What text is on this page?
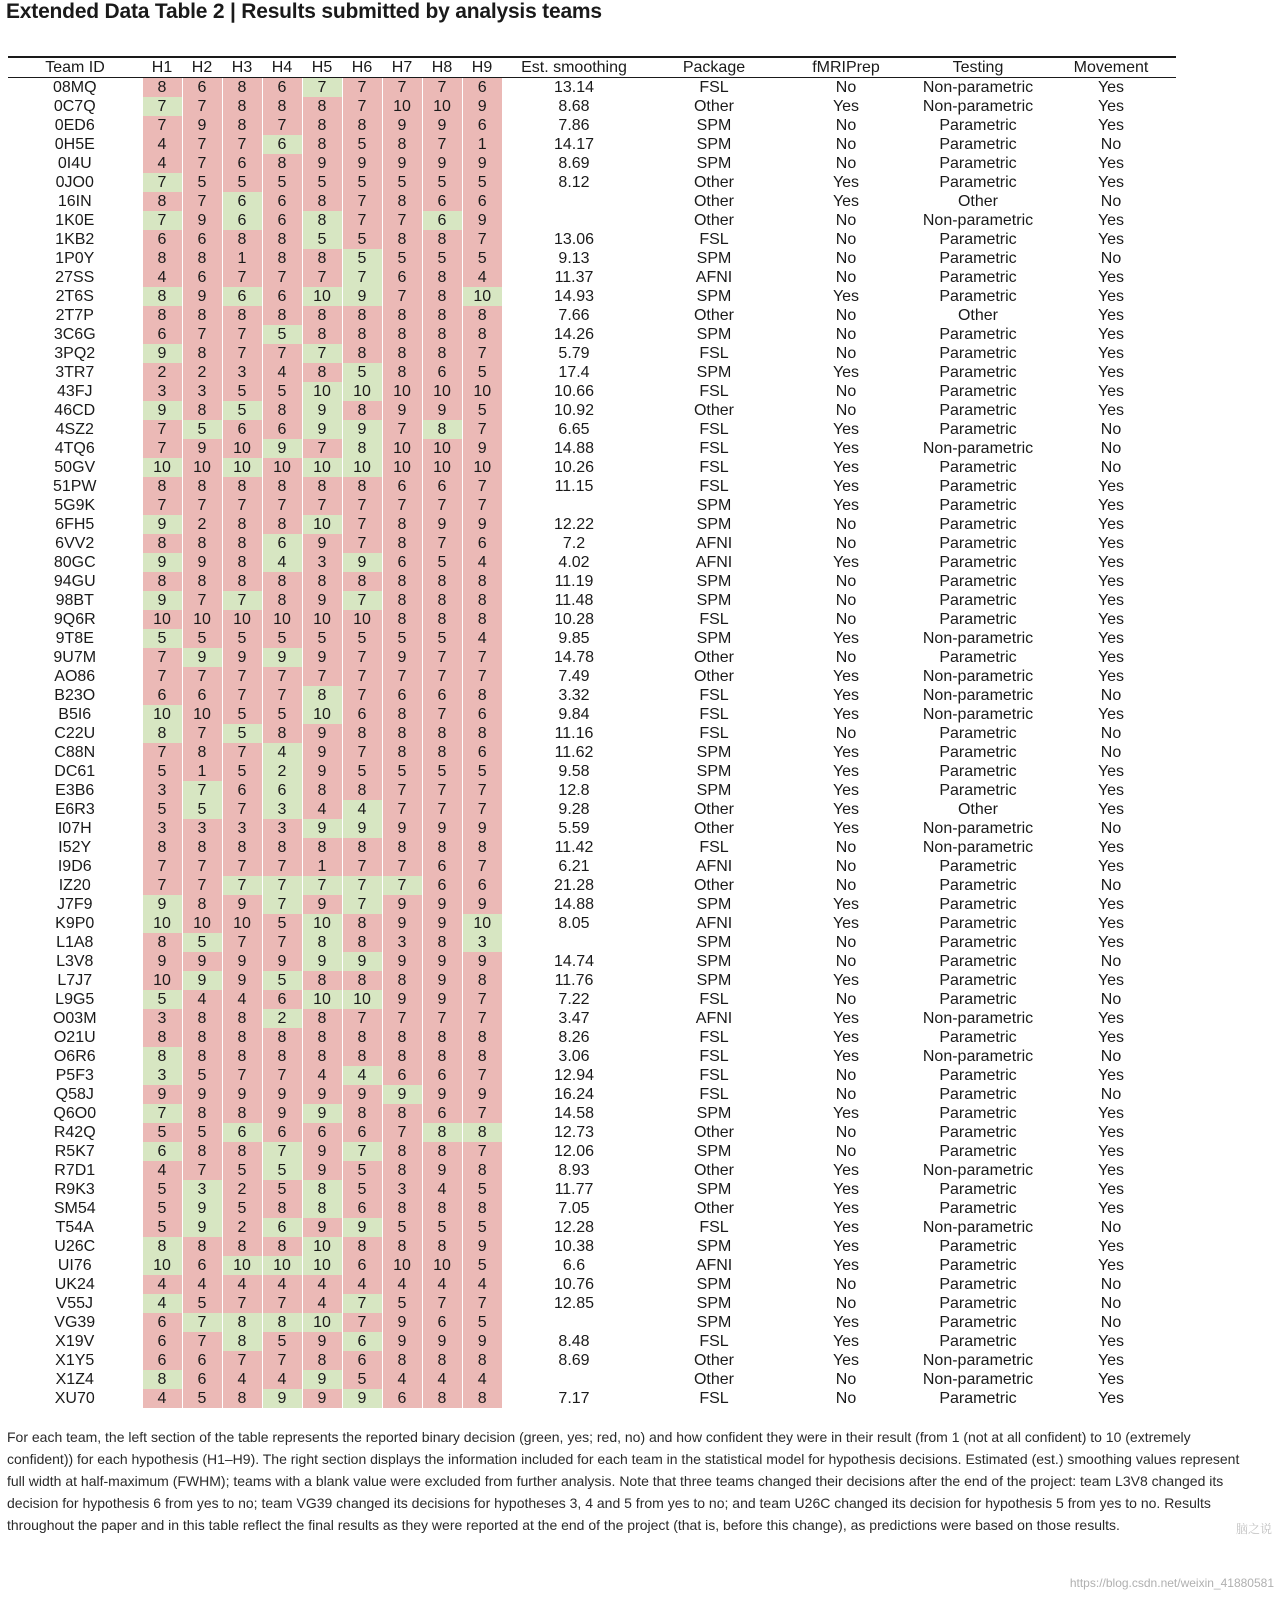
Extended Data Table 2 | Results submitted by analysis teams
Team ID	H1	H2	H3	H4	H5	H6	H7	H8	H9	Est. smoothing	Package	fMRIPrep	Testing	Movement
08MQ	8	6	8	6	7	7	7	7	6	13.14	FSL	No	Non-parametric	Yes
0C7Q	7	7	8	8	8	7	10	10	9	8.68	Other	Yes	Non-parametric	Yes
0ED6	7	9	8	7	8	8	9	9	6	7.86	SPM	No	Parametric	Yes
0H5E	4	7	7	6	8	5	8	7	1	14.17	SPM	No	Parametric	No
0I4U	4	7	6	8	9	9	9	9	9	8.69	SPM	No	Parametric	Yes
0JO0	7	5	5	5	5	5	5	5	5	8.12	Other	Yes	Parametric	Yes
16IN	8	7	6	6	8	7	8	6	6		Other	Yes	Other	No
1K0E	7	9	6	6	8	7	7	6	9		Other	No	Non-parametric	Yes
1KB2	6	6	8	8	5	5	8	8	7	13.06	FSL	No	Parametric	Yes
1P0Y	8	8	1	8	8	5	5	5	5	9.13	SPM	No	Parametric	No
27SS	4	6	7	7	7	7	6	8	4	11.37	AFNI	No	Parametric	Yes
2T6S	8	9	6	6	10	9	7	8	10	14.93	SPM	Yes	Parametric	Yes
2T7P	8	8	8	8	8	8	8	8	8	7.66	Other	No	Other	Yes
3C6G	6	7	7	5	8	8	8	8	8	14.26	SPM	No	Parametric	Yes
3PQ2	9	8	7	7	7	8	8	8	7	5.79	FSL	No	Parametric	Yes
3TR7	2	2	3	4	8	5	8	6	5	17.4	SPM	Yes	Parametric	Yes
43FJ	3	3	5	5	10	10	10	10	10	10.66	FSL	No	Parametric	Yes
46CD	9	8	5	8	9	8	9	9	5	10.92	Other	No	Parametric	Yes
4SZ2	7	5	6	6	9	9	7	8	7	6.65	FSL	Yes	Parametric	No
4TQ6	7	9	10	9	7	8	10	10	9	14.88	FSL	Yes	Non-parametric	No
50GV	10	10	10	10	10	10	10	10	10	10.26	FSL	Yes	Parametric	No
51PW	8	8	8	8	8	8	6	6	7	11.15	FSL	Yes	Parametric	Yes
5G9K	7	7	7	7	7	7	7	7	7		SPM	Yes	Parametric	Yes
6FH5	9	2	8	8	10	7	8	9	9	12.22	SPM	No	Parametric	Yes
6VV2	8	8	8	6	9	7	8	7	6	7.2	AFNI	No	Parametric	Yes
80GC	9	9	8	4	3	9	6	5	4	4.02	AFNI	Yes	Parametric	Yes
94GU	8	8	8	8	8	8	8	8	8	11.19	SPM	No	Parametric	Yes
98BT	9	7	7	8	9	7	8	8	8	11.48	SPM	No	Parametric	Yes
9Q6R	10	10	10	10	10	10	8	8	8	10.28	FSL	No	Parametric	Yes
9T8E	5	5	5	5	5	5	5	5	4	9.85	SPM	Yes	Non-parametric	Yes
9U7M	7	9	9	9	9	7	9	7	7	14.78	Other	No	Parametric	Yes
AO86	7	7	7	7	7	7	7	7	7	7.49	Other	Yes	Non-parametric	Yes
B23O	6	6	7	7	8	7	6	6	8	3.32	FSL	Yes	Non-parametric	No
B5I6	10	10	5	5	10	6	8	7	6	9.84	FSL	Yes	Non-parametric	Yes
C22U	8	7	5	8	9	8	8	8	8	11.16	FSL	No	Parametric	No
C88N	7	8	7	4	9	7	8	8	6	11.62	SPM	Yes	Parametric	No
DC61	5	1	5	2	9	5	5	5	5	9.58	SPM	Yes	Parametric	Yes
E3B6	3	7	6	6	8	8	7	7	7	12.8	SPM	Yes	Parametric	Yes
E6R3	5	5	7	3	4	4	7	7	7	9.28	Other	Yes	Other	Yes
I07H	3	3	3	3	9	9	9	9	9	5.59	Other	Yes	Non-parametric	No
I52Y	8	8	8	8	8	8	8	8	8	11.42	FSL	No	Non-parametric	Yes
I9D6	7	7	7	7	1	7	7	6	7	6.21	AFNI	No	Parametric	Yes
IZ20	7	7	7	7	7	7	7	6	6	21.28	Other	No	Parametric	No
J7F9	9	8	9	7	9	7	9	9	9	14.88	SPM	Yes	Parametric	Yes
K9P0	10	10	10	5	10	8	9	9	10	8.05	AFNI	Yes	Parametric	Yes
L1A8	8	5	7	7	8	8	3	8	3		SPM	No	Parametric	Yes
L3V8	9	9	9	9	9	9	9	9	9	14.74	SPM	No	Parametric	No
L7J7	10	9	9	5	8	8	8	9	8	11.76	SPM	Yes	Parametric	Yes
L9G5	5	4	4	6	10	10	9	9	7	7.22	FSL	No	Parametric	No
O03M	3	8	8	2	8	7	7	7	7	3.47	AFNI	Yes	Non-parametric	Yes
O21U	8	8	8	8	8	8	8	8	8	8.26	FSL	Yes	Parametric	Yes
O6R6	8	8	8	8	8	8	8	8	8	3.06	FSL	Yes	Non-parametric	No
P5F3	3	5	7	7	4	4	6	6	7	12.94	FSL	No	Parametric	Yes
Q58J	9	9	9	9	9	9	9	9	9	16.24	FSL	No	Parametric	No
Q6O0	7	8	8	9	9	8	8	6	7	14.58	SPM	Yes	Parametric	Yes
R42Q	5	5	6	6	6	6	7	8	8	12.73	Other	No	Parametric	Yes
R5K7	6	8	8	7	9	7	8	8	7	12.06	SPM	No	Parametric	Yes
R7D1	4	7	5	5	9	5	8	9	8	8.93	Other	Yes	Non-parametric	Yes
R9K3	5	3	2	5	8	5	3	4	5	11.77	SPM	Yes	Parametric	Yes
SM54	5	9	5	8	8	6	8	8	8	7.05	Other	Yes	Parametric	Yes
T54A	5	9	2	6	9	9	5	5	5	12.28	FSL	Yes	Non-parametric	No
U26C	8	8	8	8	10	8	8	8	9	10.38	SPM	Yes	Parametric	Yes
UI76	10	6	10	10	10	6	10	10	5	6.6	AFNI	Yes	Parametric	Yes
UK24	4	4	4	4	4	4	4	4	4	10.76	SPM	No	Parametric	No
V55J	4	5	7	7	4	7	5	7	7	12.85	SPM	No	Parametric	No
VG39	6	7	8	8	10	7	9	6	5		SPM	Yes	Parametric	No
X19V	6	7	8	5	9	6	9	9	9	8.48	FSL	Yes	Parametric	Yes
X1Y5	6	6	7	7	8	6	8	8	8	8.69	Other	Yes	Non-parametric	Yes
X1Z4	8	6	4	4	9	5	4	4	4		Other	No	Non-parametric	Yes
XU70	4	5	8	9	9	9	6	8	8	7.17	FSL	No	Parametric	Yes
For each team, the left section of the table represents the reported binary decision (green, yes; red, no) and how confident they were in their result (from 1 (not at all confident) to 10 (extremely confident)) for each hypothesis (H1–H9). The right section displays the information included for each team in the statistical model for hypothesis decisions. Estimated (est.) smoothing values represent full width at half-maximum (FWHM); teams with a blank value were excluded from further analysis. Note that three teams changed their decisions after the end of the project: team L3V8 changed its decision for hypothesis 6 from yes to no; team VG39 changed its decisions for hypotheses 3, 4 and 5 from yes to no; and team U26C changed its decision for hypothesis 5 from yes to no. Results throughout the paper and in this table reflect the final results as they were reported at the end of the project (that is, before this change), as predictions were based on those results.	脑之说
https://blog.csdn.net/weixin_41880581
